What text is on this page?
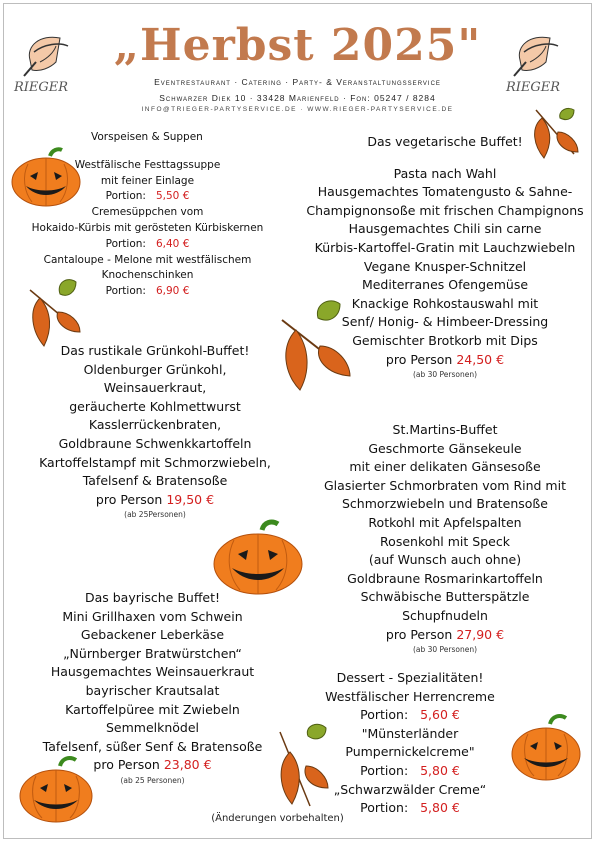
RIEGER	RIEGER
„Herbst 2025"
Eventrestaurant · Catering · Party- & Veranstaltungsservice
Schwarzer Diek 10 · 33428 Marienfeld · Fon: 05247 / 8284
INFO@TRIEGER-PARTYSERVICE.DE · WWW.RIEGER-PARTYSERVICE.DE
Vorspeisen & Suppen
Westfälische Festtagssuppe
mit feiner Einlage
Portion: 5,50 €
Cremesüppchen vom
Hokaido-Kürbis mit gerösteten Kürbiskernen
Portion: 6,40 €
Cantaloupe - Melone mit westfälischem
Knochenschinken
Portion: 6,90 €
Das rustikale Grünkohl-Buffet!
Oldenburger Grünkohl,
Weinsauerkraut,
geräucherte Kohlmettwurst
Kasslerrückenbraten,
Goldbraune Schwenkkartoffeln
Kartoffelstampf mit Schmorzwiebeln,
Tafelsenf & Bratensoße
pro Person 19,50 €
(ab 25Personen)
Das bayrische Buffet!
Mini Grillhaxen vom Schwein
Gebackener Leberkäse
„Nürnberger Bratwürstchen“
Hausgemachtes Weinsauerkraut
bayrischer Krautsalat
Kartoffelpüree mit Zwiebeln
Semmelknödel
Tafelsenf, süßer Senf & Bratensoße
pro Person 23,80 €
(ab 25 Personen)
Das vegetarische Buffet!
Pasta nach Wahl
Hausgemachtes Tomatengusto & Sahne-
Champignonsoße mit frischen Champignons
Hausgemachtes Chili sin carne
Kürbis-Kartoffel-Gratin mit Lauchzwiebeln
Vegane Knusper-Schnitzel
Mediterranes Ofengemüse
Knackige Rohkostauswahl mit
Senf/ Honig- & Himbeer-Dressing
Gemischter Brotkorb mit Dips
pro Person 24,50 €
(ab 30 Personen)
St.Martins-Buffet
Geschmorte Gänsekeule
mit einer delikaten Gänsesoße
Glasierter Schmorbraten vom Rind mit
Schmorzwiebeln und Bratensoße
Rotkohl mit Apfelspalten
Rosenkohl mit Speck
(auf Wunsch auch ohne)
Goldbraune Rosmarinkartoffeln
Schwäbische Butterspätzle
Schupfnudeln
pro Person 27,90 €
(ab 30 Personen)
Dessert - Spezialitäten!
Westfälischer Herrencreme
Portion: 5,60 €
"Münsterländer
Pumpernickelcreme"
Portion: 5,80 €
„Schwarzwälder Creme“
Portion: 5,80 €
(Änderungen vorbehalten)
